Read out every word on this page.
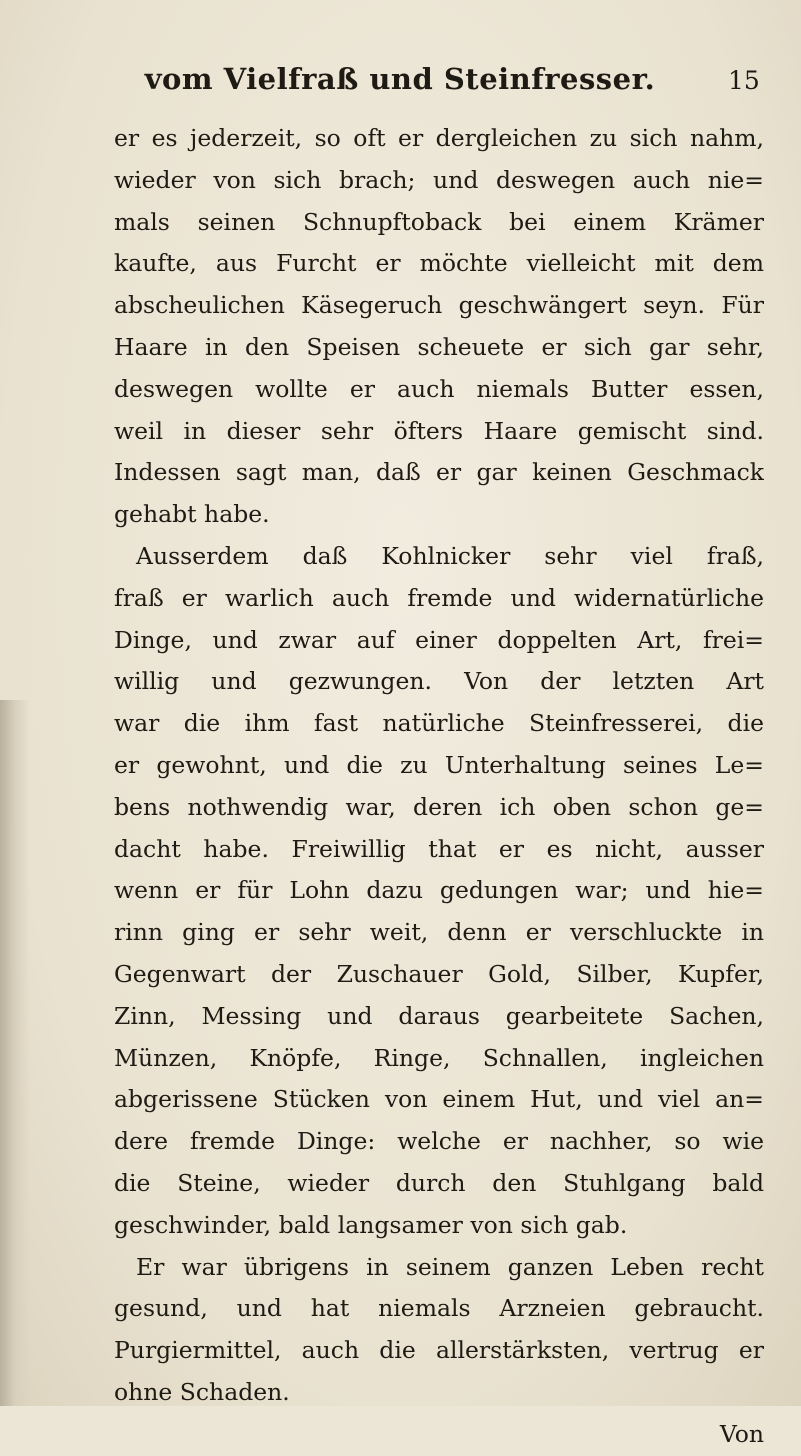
vom Vielfraß und Steinfresser.	15
er es jederzeit, so oft er dergleichen zu sich nahm,
wieder von sich brach; und deswegen auch nie=
mals seinen Schnupftoback bei einem Krämer
kaufte, aus Furcht er möchte vielleicht mit dem
abscheulichen Käsegeruch geschwängert seyn. Für
Haare in den Speisen scheuete er sich gar sehr,
deswegen wollte er auch niemals Butter essen,
weil in dieser sehr öfters Haare gemischt sind.
Indessen sagt man, daß er gar keinen Geschmack
gehabt habe.
Ausserdem daß Kohlnicker sehr viel fraß,
fraß er warlich auch fremde und widernatürliche
Dinge, und zwar auf einer doppelten Art, frei=
willig und gezwungen. Von der letzten Art
war die ihm fast natürliche Steinfresserei, die
er gewohnt, und die zu Unterhaltung seines Le=
bens nothwendig war, deren ich oben schon ge=
dacht habe. Freiwillig that er es nicht, ausser
wenn er für Lohn dazu gedungen war; und hie=
rinn ging er sehr weit, denn er verschluckte in
Gegenwart der Zuschauer Gold, Silber, Kupfer,
Zinn, Messing und daraus gearbeitete Sachen,
Münzen, Knöpfe, Ringe, Schnallen, ingleichen
abgerissene Stücken von einem Hut, und viel an=
dere fremde Dinge: welche er nachher, so wie
die Steine, wieder durch den Stuhlgang bald
geschwinder, bald langsamer von sich gab.
Er war übrigens in seinem ganzen Leben recht
gesund, und hat niemals Arzneien gebraucht.
Purgiermittel, auch die allerstärksten, vertrug er
ohne Schaden.
Von
